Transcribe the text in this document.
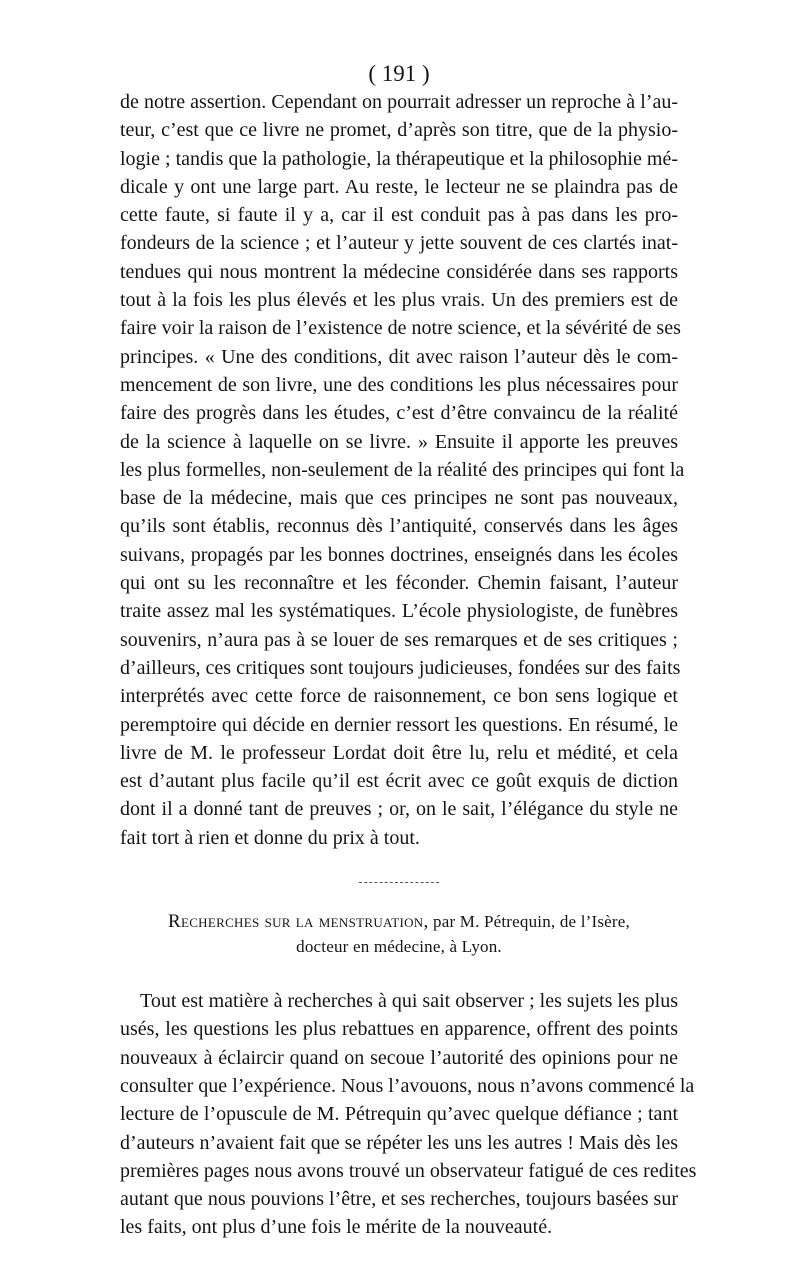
( 191 )

de notre assertion. Cependant on pourrait adresser un reproche à l’au-
teur, c’est que ce livre ne promet, d’après son titre, que de la physio-
logie ; tandis que la pathologie, la thérapeutique et la philosophie mé-
dicale y ont une large part. Au reste, le lecteur ne se plaindra pas de
cette faute, si faute il y a, car il est conduit pas à pas dans les pro-
fondeurs de la science ; et l’auteur y jette souvent de ces clartés inat-
tendues qui nous montrent la médecine considérée dans ses rapports
tout à la fois les plus élevés et les plus vrais. Un des premiers est de
faire voir la raison de l’existence de notre science, et la sévérité de ses
principes. « Une des conditions, dit avec raison l’auteur dès le com-
mencement de son livre, une des conditions les plus nécessaires pour
faire des progrès dans les études, c’est d’être convaincu de la réalité
de la science à laquelle on se livre. » Ensuite il apporte les preuves
les plus formelles, non-seulement de la réalité des principes qui font la
base de la médecine, mais que ces principes ne sont pas nouveaux,
qu’ils sont établis, reconnus dès l’antiquité, conservés dans les âges
suivans, propagés par les bonnes doctrines, enseignés dans les écoles
qui ont su les reconnaître et les féconder. Chemin faisant, l’auteur
traite assez mal les systématiques. L’école physiologiste, de funèbres
souvenirs, n’aura pas à se louer de ses remarques et de ses critiques ;
d’ailleurs, ces critiques sont toujours judicieuses, fondées sur des faits
interprétés avec cette force de raisonnement, ce bon sens logique et
peremptoire qui décide en dernier ressort les questions. En résumé, le
livre de M. le professeur Lordat doit être lu, relu et médité, et cela
est d’autant plus facile qu’il est écrit avec ce goût exquis de diction
dont il a donné tant de preuves ; or, on le sait, l’élégance du style ne
fait tort à rien et donne du prix à tout.
Recherches sur la menstruation, par M. Pétrequin, de l’Isère,
docteur en médecine, à Lyon.
Tout est matière à recherches à qui sait observer ; les sujets les plus
usés, les questions les plus rebattues en apparence, offrent des points
nouveaux à éclaircir quand on secoue l’autorité des opinions pour ne
consulter que l’expérience. Nous l’avouons, nous n’avons commencé la
lecture de l’opuscule de M. Pétrequin qu’avec quelque défiance ; tant
d’auteurs n’avaient fait que se répéter les uns les autres ! Mais dès les
premières pages nous avons trouvé un observateur fatigué de ces redites
autant que nous pouvions l’être, et ses recherches, toujours basées sur
les faits, ont plus d’une fois le mérite de la nouveauté.
